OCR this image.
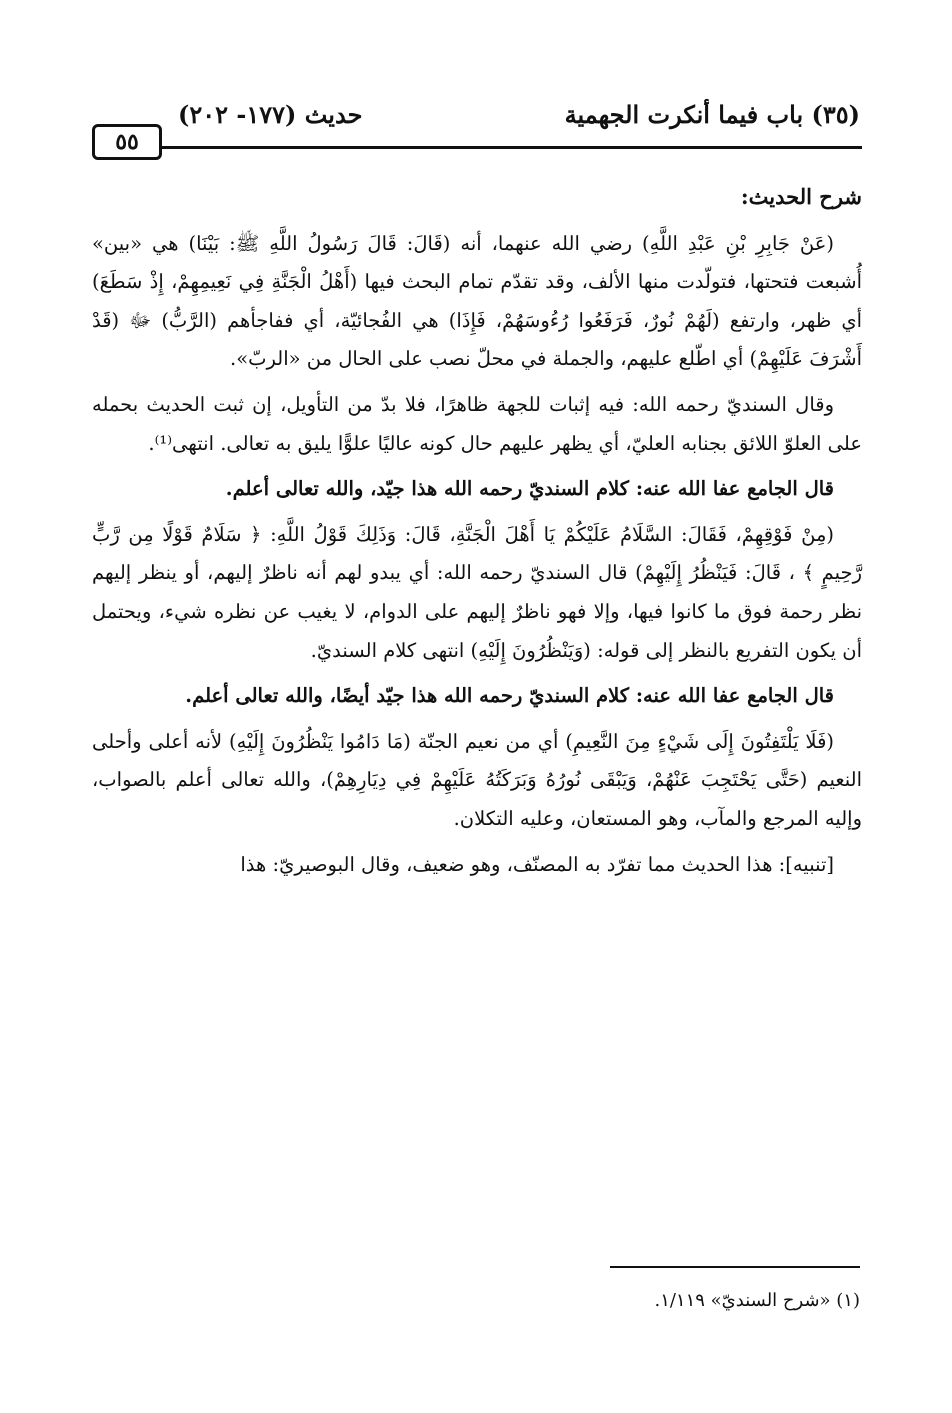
٥٥
حديث (١٧٧- ٢٠٢)	(٣٥) باب فيما أنكرت الجهمية

شرح الحديث:

(عَنْ جَابِرِ بْنِ عَبْدِ اللَّهِ) رضي الله عنهما، أنه (قَالَ: قَالَ رَسُولُ اللَّهِ ﷺ: بَيْنَا) هي «بين» أُشبعت فتحتها، فتولّدت منها الألف، وقد تقدّم تمام البحث فيها (أَهْلُ الْجَنَّةِ فِي نَعِيمِهِمْ، إِذْ سَطَعَ) أي ظهر، وارتفع (لَهُمْ نُورٌ، فَرَفَعُوا رُءُوسَهُمْ، فَإِذَا) هي الفُجائيّة، أي ففاجأهم (الرَّبُّ) ﷻ (قَدْ أَشْرَفَ عَلَيْهِمْ) أي اطّلع عليهم، والجملة في محلّ نصب على الحال من «الربّ».

وقال السنديّ رحمه الله: فيه إثبات للجهة ظاهرًا، فلا بدّ من التأويل، إن ثبت الحديث بحمله على العلوّ اللائق بجنابه العليّ، أي يظهر عليهم حال كونه عاليًا علوًّا يليق به تعالى. انتهى⁽¹⁾.

قال الجامع عفا الله عنه: كلام السنديّ رحمه الله هذا جيّد، والله تعالى أعلم.

(مِنْ فَوْقِهِمْ، فَقَالَ: السَّلَامُ عَلَيْكُمْ يَا أَهْلَ الْجَنَّةِ، قَالَ: وَذَلِكَ قَوْلُ اللَّهِ: ﴿ سَلَامٌ قَوْلًا مِن رَّبٍّ رَّحِيمٍ ﴾ ، قَالَ: فَيَنْظُرُ إِلَيْهِمْ) قال السنديّ رحمه الله: أي يبدو لهم أنه ناظرٌ إليهم، أو ينظر إليهم نظر رحمة فوق ما كانوا فيها، وإلا فهو ناظرٌ إليهم على الدوام، لا يغيب عن نظره شيء، ويحتمل أن يكون التفريع بالنظر إلى قوله: (وَيَنْظُرُونَ إِلَيْهِ) انتهى كلام السنديّ.

قال الجامع عفا الله عنه: كلام السنديّ رحمه الله هذا جيّد أيضًا، والله تعالى أعلم.

(فَلَا يَلْتَفِتُونَ إِلَى شَيْءٍ مِنَ النَّعِيمِ) أي من نعيم الجنّة (مَا دَامُوا يَنْظُرُونَ إِلَيْهِ) لأنه أعلى وأحلى النعيم (حَتَّى يَحْتَجِبَ عَنْهُمْ، وَيَبْقَى نُورُهُ وَبَرَكَتُهُ عَلَيْهِمْ فِي دِيَارِهِمْ)، والله تعالى أعلم بالصواب، وإليه المرجع والمآب، وهو المستعان، وعليه التكلان.

[تنبيه]: هذا الحديث مما تفرّد به المصنّف، وهو ضعيف، وقال البوصيريّ: هذا

(١) «شرح السنديّ» ١/١١٩.
